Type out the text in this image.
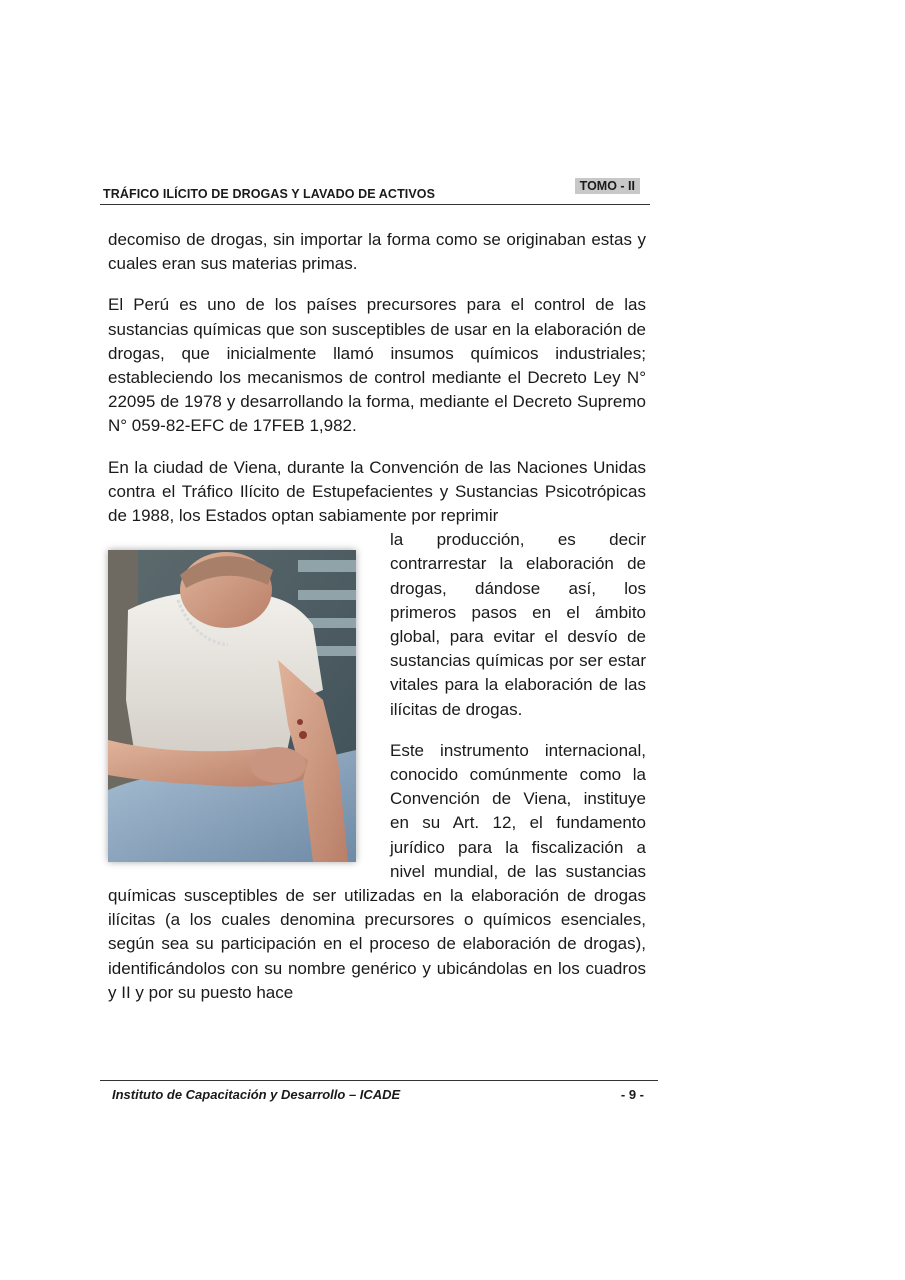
TRÁFICO ILÍCITO DE DROGAS Y LAVADO DE ACTIVOS
TOMO - II

decomiso de drogas, sin importar la forma como se originaban estas y cuales eran sus materias primas.

El Perú es uno de los países precursores para el control de las sustancias químicas que son susceptibles de usar en la elaboración de drogas, que inicialmente llamó insumos químicos industriales; estableciendo los mecanismos de control mediante el Decreto Ley N° 22095 de 1978 y desarrollando la forma, mediante el Decreto Supremo N° 059-82-EFC de 17FEB 1,982.

En la ciudad de Viena, durante la Convención de las Naciones Unidas contra el Tráfico Ilícito de Estupefacientes y Sustancias Psicotrópicas de 1988, los Estados optan sabiamente por reprimir

la producción, es decir contrarrestar la elaboración de drogas, dándose así, los primeros pasos en el ámbito global, para evitar el desvío de sustancias químicas por ser estar vitales para la elaboración de las ilícitas de drogas.

Este instrumento internacional, conocido comúnmente como la Convención de Viena, instituye en su Art. 12, el fundamento jurídico para la fiscalización a nivel mundial, de las sustancias químicas susceptibles de ser utilizadas en la elaboración de drogas ilícitas (a los cuales denomina precursores o químicos esenciales, según sea su participación en el proceso de elaboración de drogas), identificándolos con su nombre genérico y ubicándolas en los cuadros y II y por su puesto hace

Instituto de Capacitación y Desarrollo – ICADE	- 9 -
